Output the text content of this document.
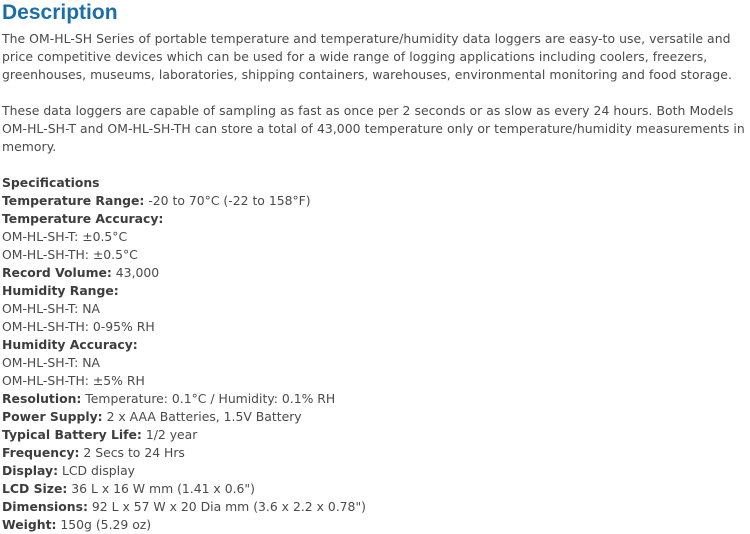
Description

The OM-HL-SH Series of portable temperature and temperature/humidity data loggers are easy-to use, versatile and price competitive devices which can be used for a wide range of logging applications including coolers, freezers, greenhouses, museums, laboratories, shipping containers, warehouses, environmental monitoring and food storage.

These data loggers are capable of sampling as fast as once per 2 seconds or as slow as every 24 hours. Both Models OM-HL-SH-T and OM-HL-SH-TH can store a total of 43,000 temperature only or temperature/humidity measurements in memory.

Specifications
Temperature Range: -20 to 70°C (-22 to 158°F)
Temperature Accuracy:
OM-HL-SH-T: ±0.5°C
OM-HL-SH-TH: ±0.5°C
Record Volume: 43,000
Humidity Range:
OM-HL-SH-T: NA
OM-HL-SH-TH: 0-95% RH
Humidity Accuracy:
OM-HL-SH-T: NA
OM-HL-SH-TH: ±5% RH
Resolution: Temperature: 0.1°C / Humidity: 0.1% RH
Power Supply: 2 x AAA Batteries, 1.5V Battery
Typical Battery Life: 1/2 year
Frequency: 2 Secs to 24 Hrs
Display: LCD display
LCD Size: 36 L x 16 W mm (1.41 x 0.6")
Dimensions: 92 L x 57 W x 20 Dia mm (3.6 x 2.2 x 0.78")
Weight: 150g (5.29 oz)
